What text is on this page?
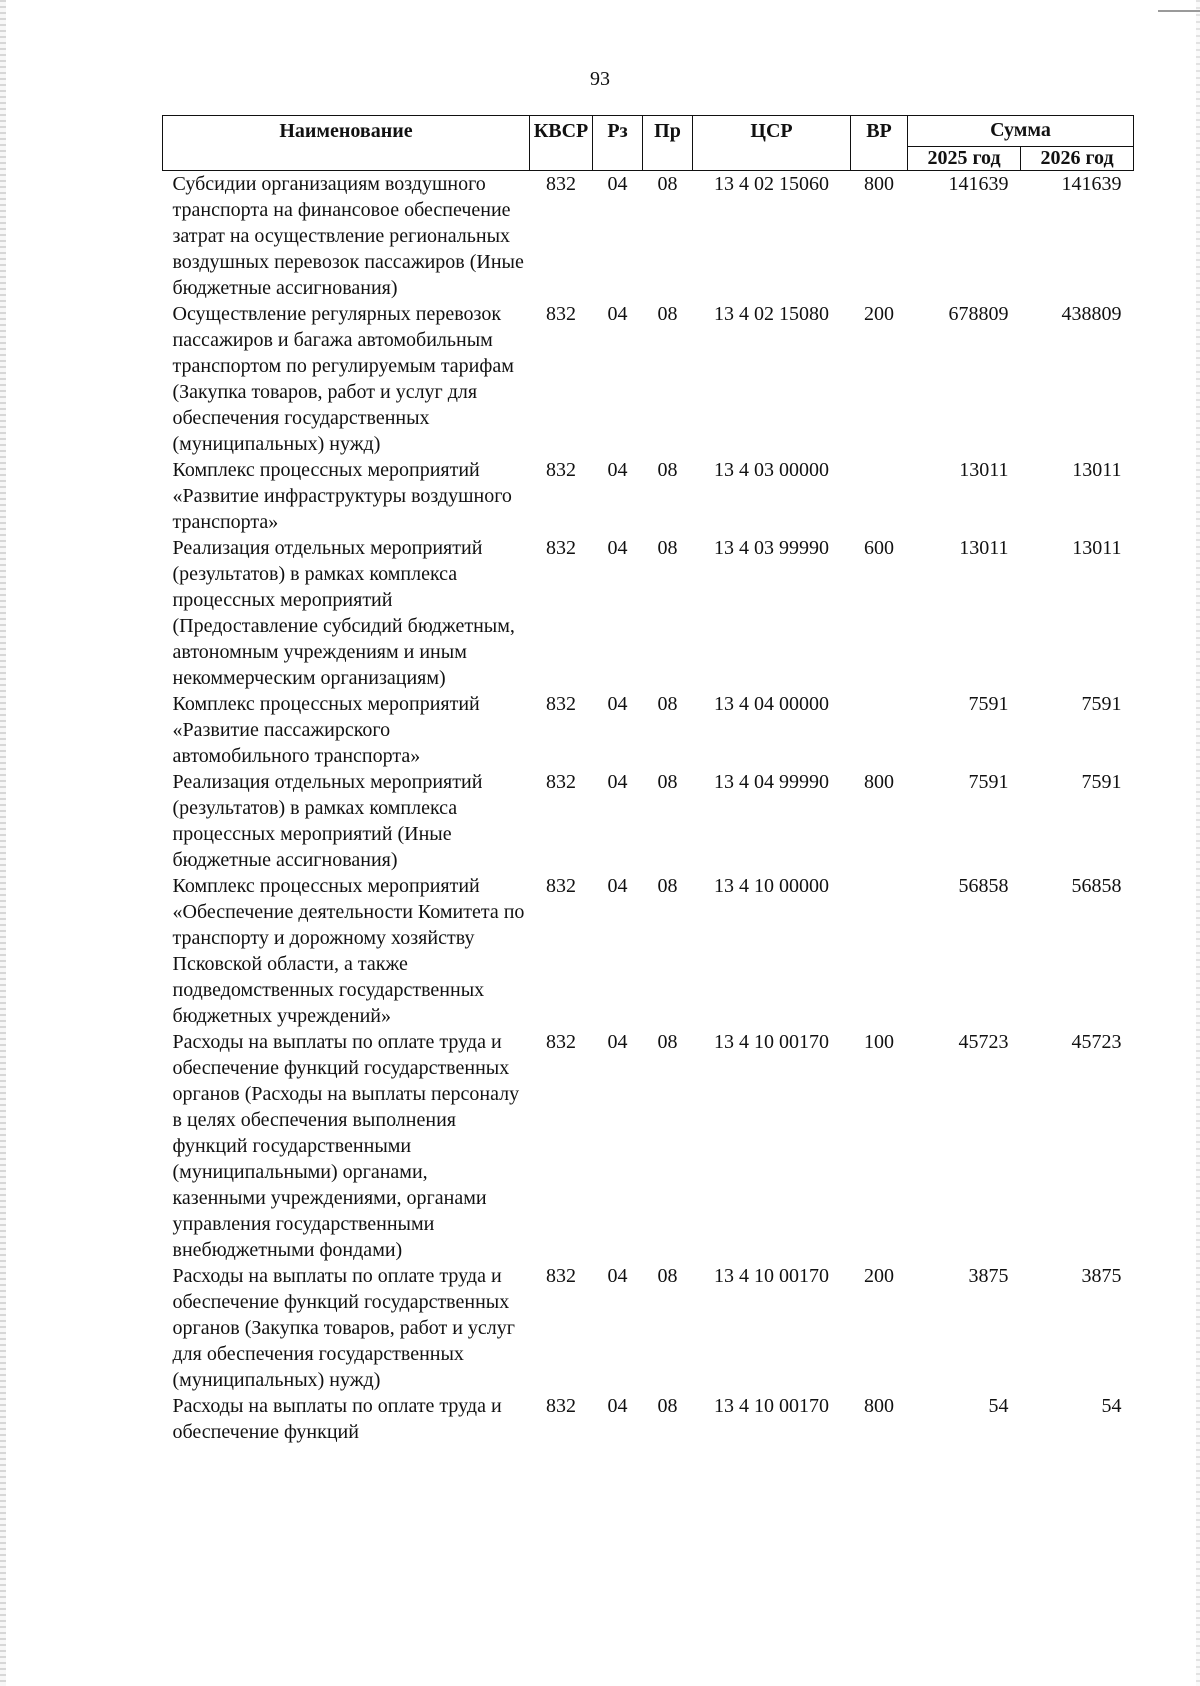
93
Наименование	КВСР	Рз	Пр	ЦСР	ВР	Сумма	
						2025 год	2026 год
Субсидии организациям воздушного транспорта на финансовое обеспечение затрат на осуществление региональных воздушных перевозок пассажиров (Иные бюджетные ассигнования)	832	04	08	13 4 02 15060	800	141639	141639
Осуществление регулярных перевозок пассажиров и багажа автомобильным транспортом по регулируемым тарифам (Закупка товаров, работ и услуг для обеспечения государственных (муниципальных) нужд)	832	04	08	13 4 02 15080	200	678809	438809
Комплекс процессных мероприятий «Развитие инфраструктуры воздушного транспорта»	832	04	08	13 4 03 00000		13011	13011
Реализация отдельных мероприятий (результатов) в рамках комплекса процессных мероприятий (Предоставление субсидий бюджетным, автономным учреждениям и иным некоммерческим организациям)	832	04	08	13 4 03 99990	600	13011	13011
Комплекс процессных мероприятий «Развитие пассажирского автомобильного транспорта»	832	04	08	13 4 04 00000		7591	7591
Реализация отдельных мероприятий (результатов) в рамках комплекса процессных мероприятий (Иные бюджетные ассигнования)	832	04	08	13 4 04 99990	800	7591	7591
Комплекс процессных мероприятий «Обеспечение деятельности Комитета по транспорту и дорожному хозяйству Псковской области, а также подведомственных государственных бюджетных учреждений»	832	04	08	13 4 10 00000		56858	56858
Расходы на выплаты по оплате труда и обеспечение функций государственных органов (Расходы на выплаты персоналу в целях обеспечения выполнения функций государственными (муниципальными) органами, казенными учреждениями, органами управления государственными внебюджетными фондами)	832	04	08	13 4 10 00170	100	45723	45723
Расходы на выплаты по оплате труда и обеспечение функций государственных органов (Закупка товаров, работ и услуг для обеспечения государственных (муниципальных) нужд)	832	04	08	13 4 10 00170	200	3875	3875
Расходы на выплаты по оплате труда и обеспечение функций	832	04	08	13 4 10 00170	800	54	54
